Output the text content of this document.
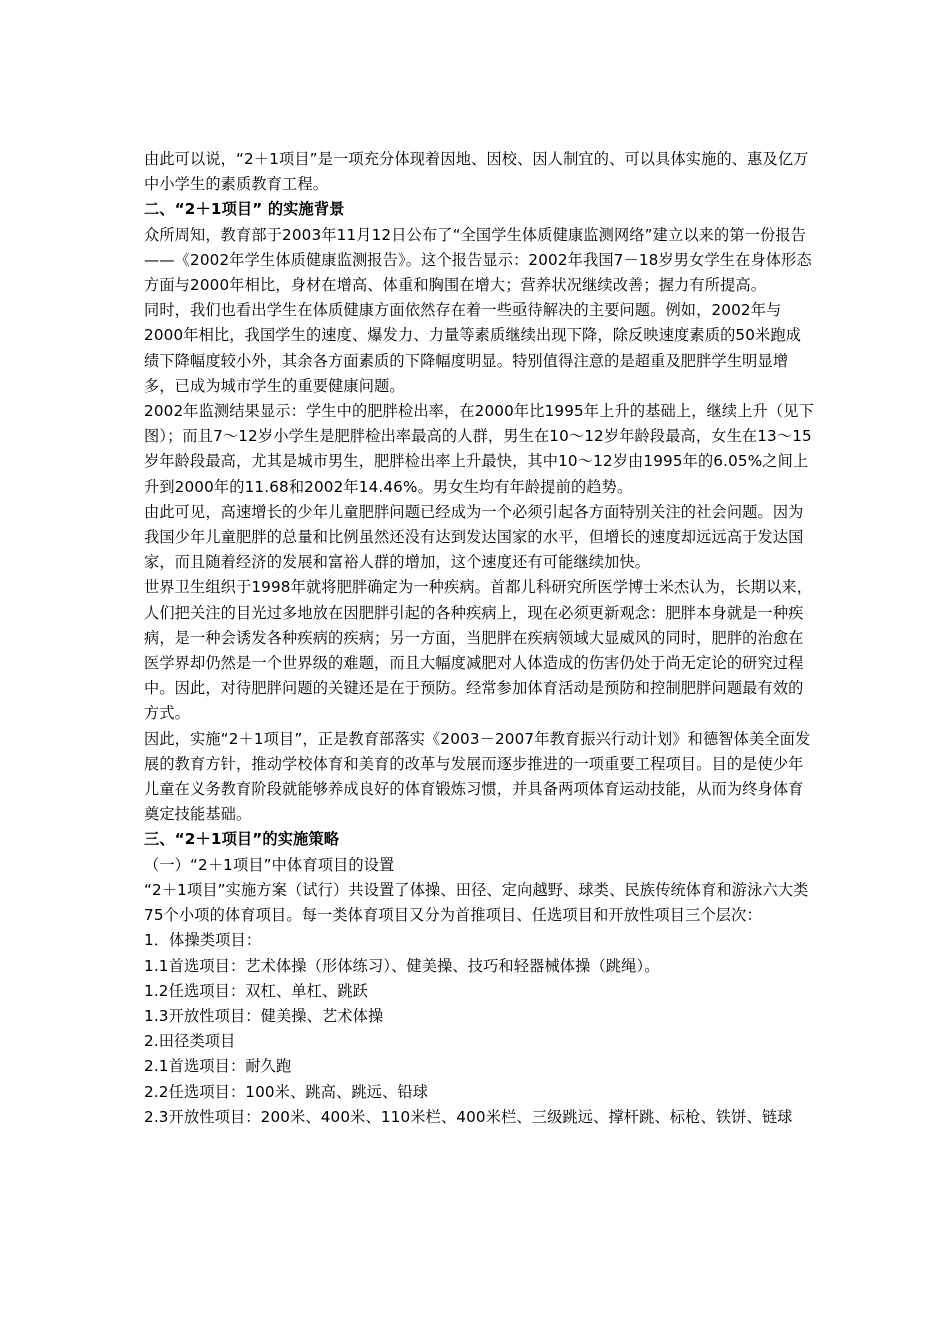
由此可以说，“2＋1项目”是一项充分体现着因地、因校、因人制宜的、可以具体实施的、惠及亿万中小学生的素质教育工程。

二、“2＋1项目” 的实施背景

众所周知，教育部于2003年11月12日公布了“全国学生体质健康监测网络”建立以来的第一份报告——《2002年学生体质健康监测报告》。这个报告显示：2002年我国7－18岁男女学生在身体形态方面与2000年相比，身材在增高、体重和胸围在增大；营养状况继续改善；握力有所提高。

同时，我们也看出学生在体质健康方面依然存在着一些亟待解决的主要问题。例如，2002年与2000年相比，我国学生的速度、爆发力、力量等素质继续出现下降，除反映速度素质的50米跑成绩下降幅度较小外，其余各方面素质的下降幅度明显。特别值得注意的是超重及肥胖学生明显增多，已成为城市学生的重要健康问题。

2002年监测结果显示：学生中的肥胖检出率，在2000年比1995年上升的基础上，继续上升（见下图）；而且7～12岁小学生是肥胖检出率最高的人群，男生在10～12岁年龄段最高，女生在13～15岁年龄段最高，尤其是城市男生，肥胖检出率上升最快，其中10～12岁由1995年的6.05%之间上升到2000年的11.68和2002年14.46%。男女生均有年龄提前的趋势。

由此可见，高速增长的少年儿童肥胖问题已经成为一个必须引起各方面特别关注的社会问题。因为我国少年儿童肥胖的总量和比例虽然还没有达到发达国家的水平，但增长的速度却远远高于发达国家，而且随着经济的发展和富裕人群的增加，这个速度还有可能继续加快。

世界卫生组织于1998年就将肥胖确定为一种疾病。首都儿科研究所医学博士米杰认为，长期以来，人们把关注的目光过多地放在因肥胖引起的各种疾病上，现在必须更新观念：肥胖本身就是一种疾病，是一种会诱发各种疾病的疾病；另一方面，当肥胖在疾病领域大显威风的同时，肥胖的治愈在医学界却仍然是一个世界级的难题，而且大幅度减肥对人体造成的伤害仍处于尚无定论的研究过程中。因此，对待肥胖问题的关键还是在于预防。经常参加体育活动是预防和控制肥胖问题最有效的方式。

因此，实施“2＋1项目”，正是教育部落实《2003－2007年教育振兴行动计划》和德智体美全面发展的教育方针，推动学校体育和美育的改革与发展而逐步推进的一项重要工程项目。目的是使少年儿童在义务教育阶段就能够养成良好的体育锻炼习惯，并具备两项体育运动技能，从而为终身体育奠定技能基础。

三、“2＋1项目”的实施策略

（一）“2＋1项目”中体育项目的设置

“2＋1项目”实施方案（试行）共设置了体操、田径、定向越野、球类、民族传统体育和游泳六大类75个小项的体育项目。每一类体育项目又分为首推项目、任选项目和开放性项目三个层次：

1．体操类项目：

1.1首选项目：艺术体操（形体练习）、健美操、技巧和轻器械体操（跳绳）。

1.2任选项目：双杠、单杠、跳跃

1.3开放性项目：健美操、艺术体操

2.田径类项目

2.1首选项目：耐久跑

2.2任选项目：100米、跳高、跳远、铅球

2.3开放性项目：200米、400米、110米栏、400米栏、三级跳远、撑杆跳、标枪、铁饼、链球
